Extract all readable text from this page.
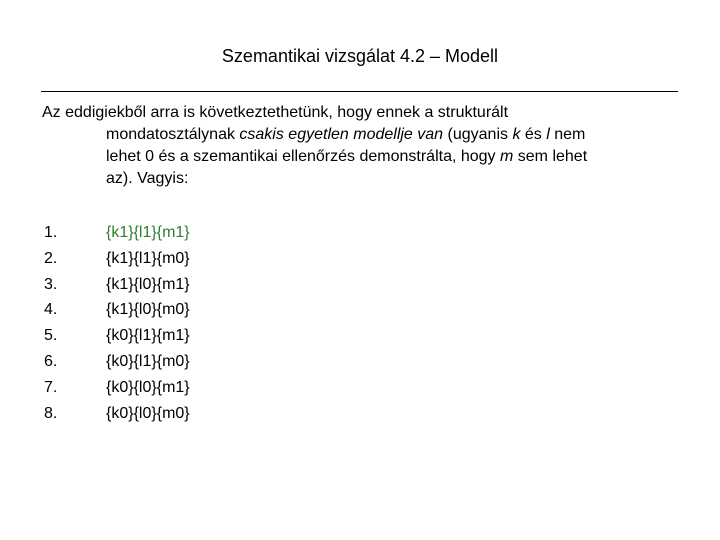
Szemantikai vizsgálat 4.2 – Modell
Az eddigiekből arra is következtethetünk, hogy ennek a strukturált
mondatosztálynak csakis egyetlen modellje van (ugyanis k és l nem
lehet 0 és a szemantikai ellenőrzés demonstrálta, hogy m sem lehet
az). Vagyis:
1.	{k1}{l1}{m1}
2.	{k1}{l1}{m0}
3.	{k1}{l0}{m1}
4.	{k1}{l0}{m0}
5.	{k0}{l1}{m1}
6.	{k0}{l1}{m0}
7.	{k0}{l0}{m1}
8.	{k0}{l0}{m0}
